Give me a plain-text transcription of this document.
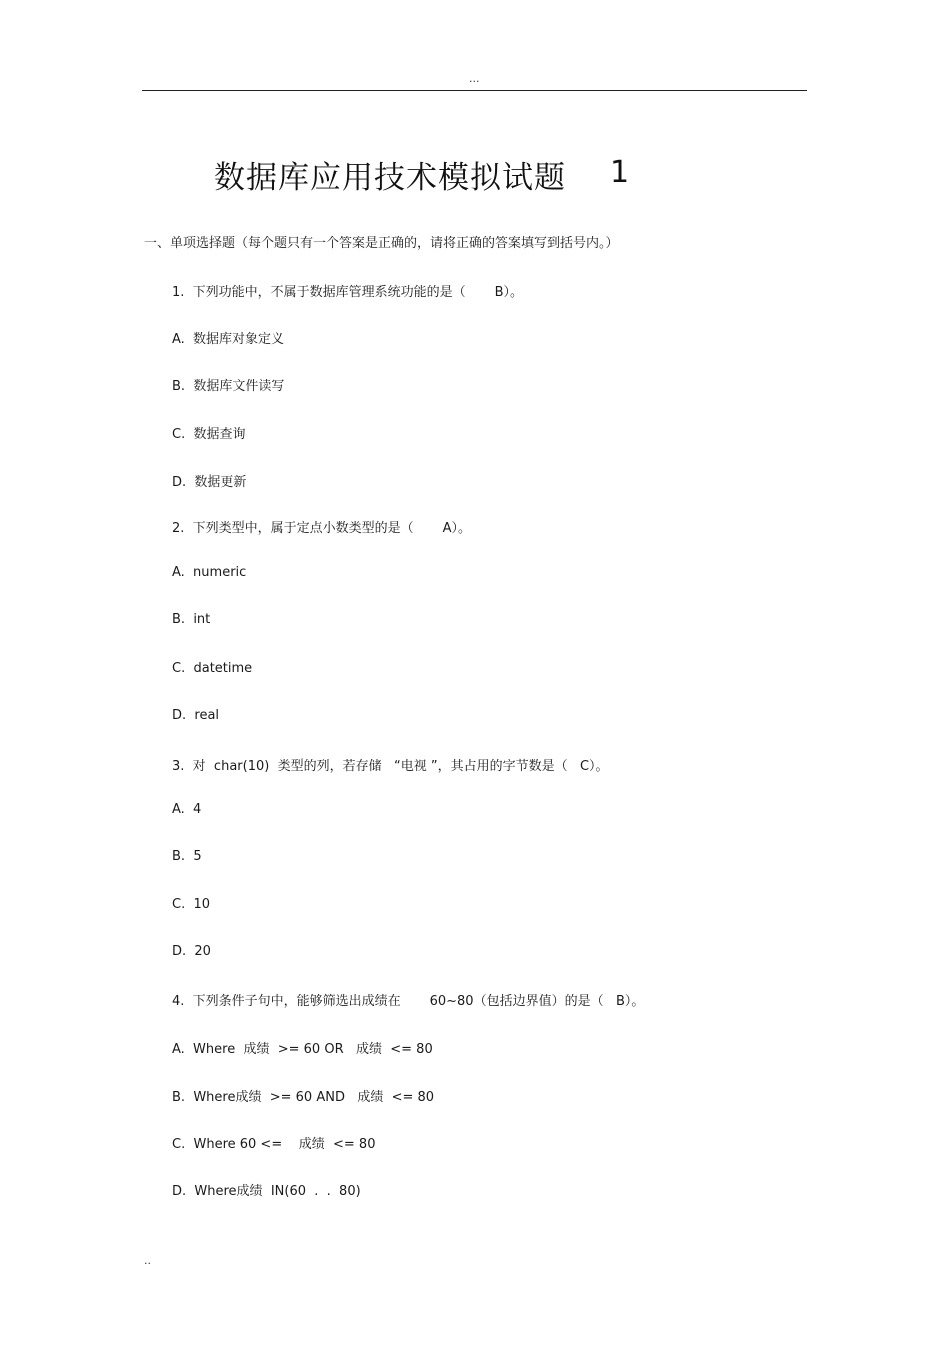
...
数据库应用技术模拟试题 1
一、单项选择题（每个题只有一个答案是正确的，请将正确的答案填写到括号内。）
1.  下列功能中，不属于数据库管理系统功能的是（       B）。
A.  数据库对象定义
B.  数据库文件读写
C.  数据查询
D.  数据更新
2.  下列类型中，属于定点小数类型的是（       A）。
A.  numeric
B.  int
C.  datetime
D.  real
3.  对  char(10)  类型的列，若存储   “电视 ”，其占用的字节数是（   C）。
A.  4
B.  5
C.  10
D.  20
4.  下列条件子句中，能够筛选出成绩在       60~80（包括边界值）的是（   B）。
A.  Where  成绩  >= 60 OR   成绩  <= 80
B.  Where成绩  >= 60 AND   成绩  <= 80
C.  Where 60 <=    成绩  <= 80
D.  Where成绩  IN(60  .  .  80)
..
